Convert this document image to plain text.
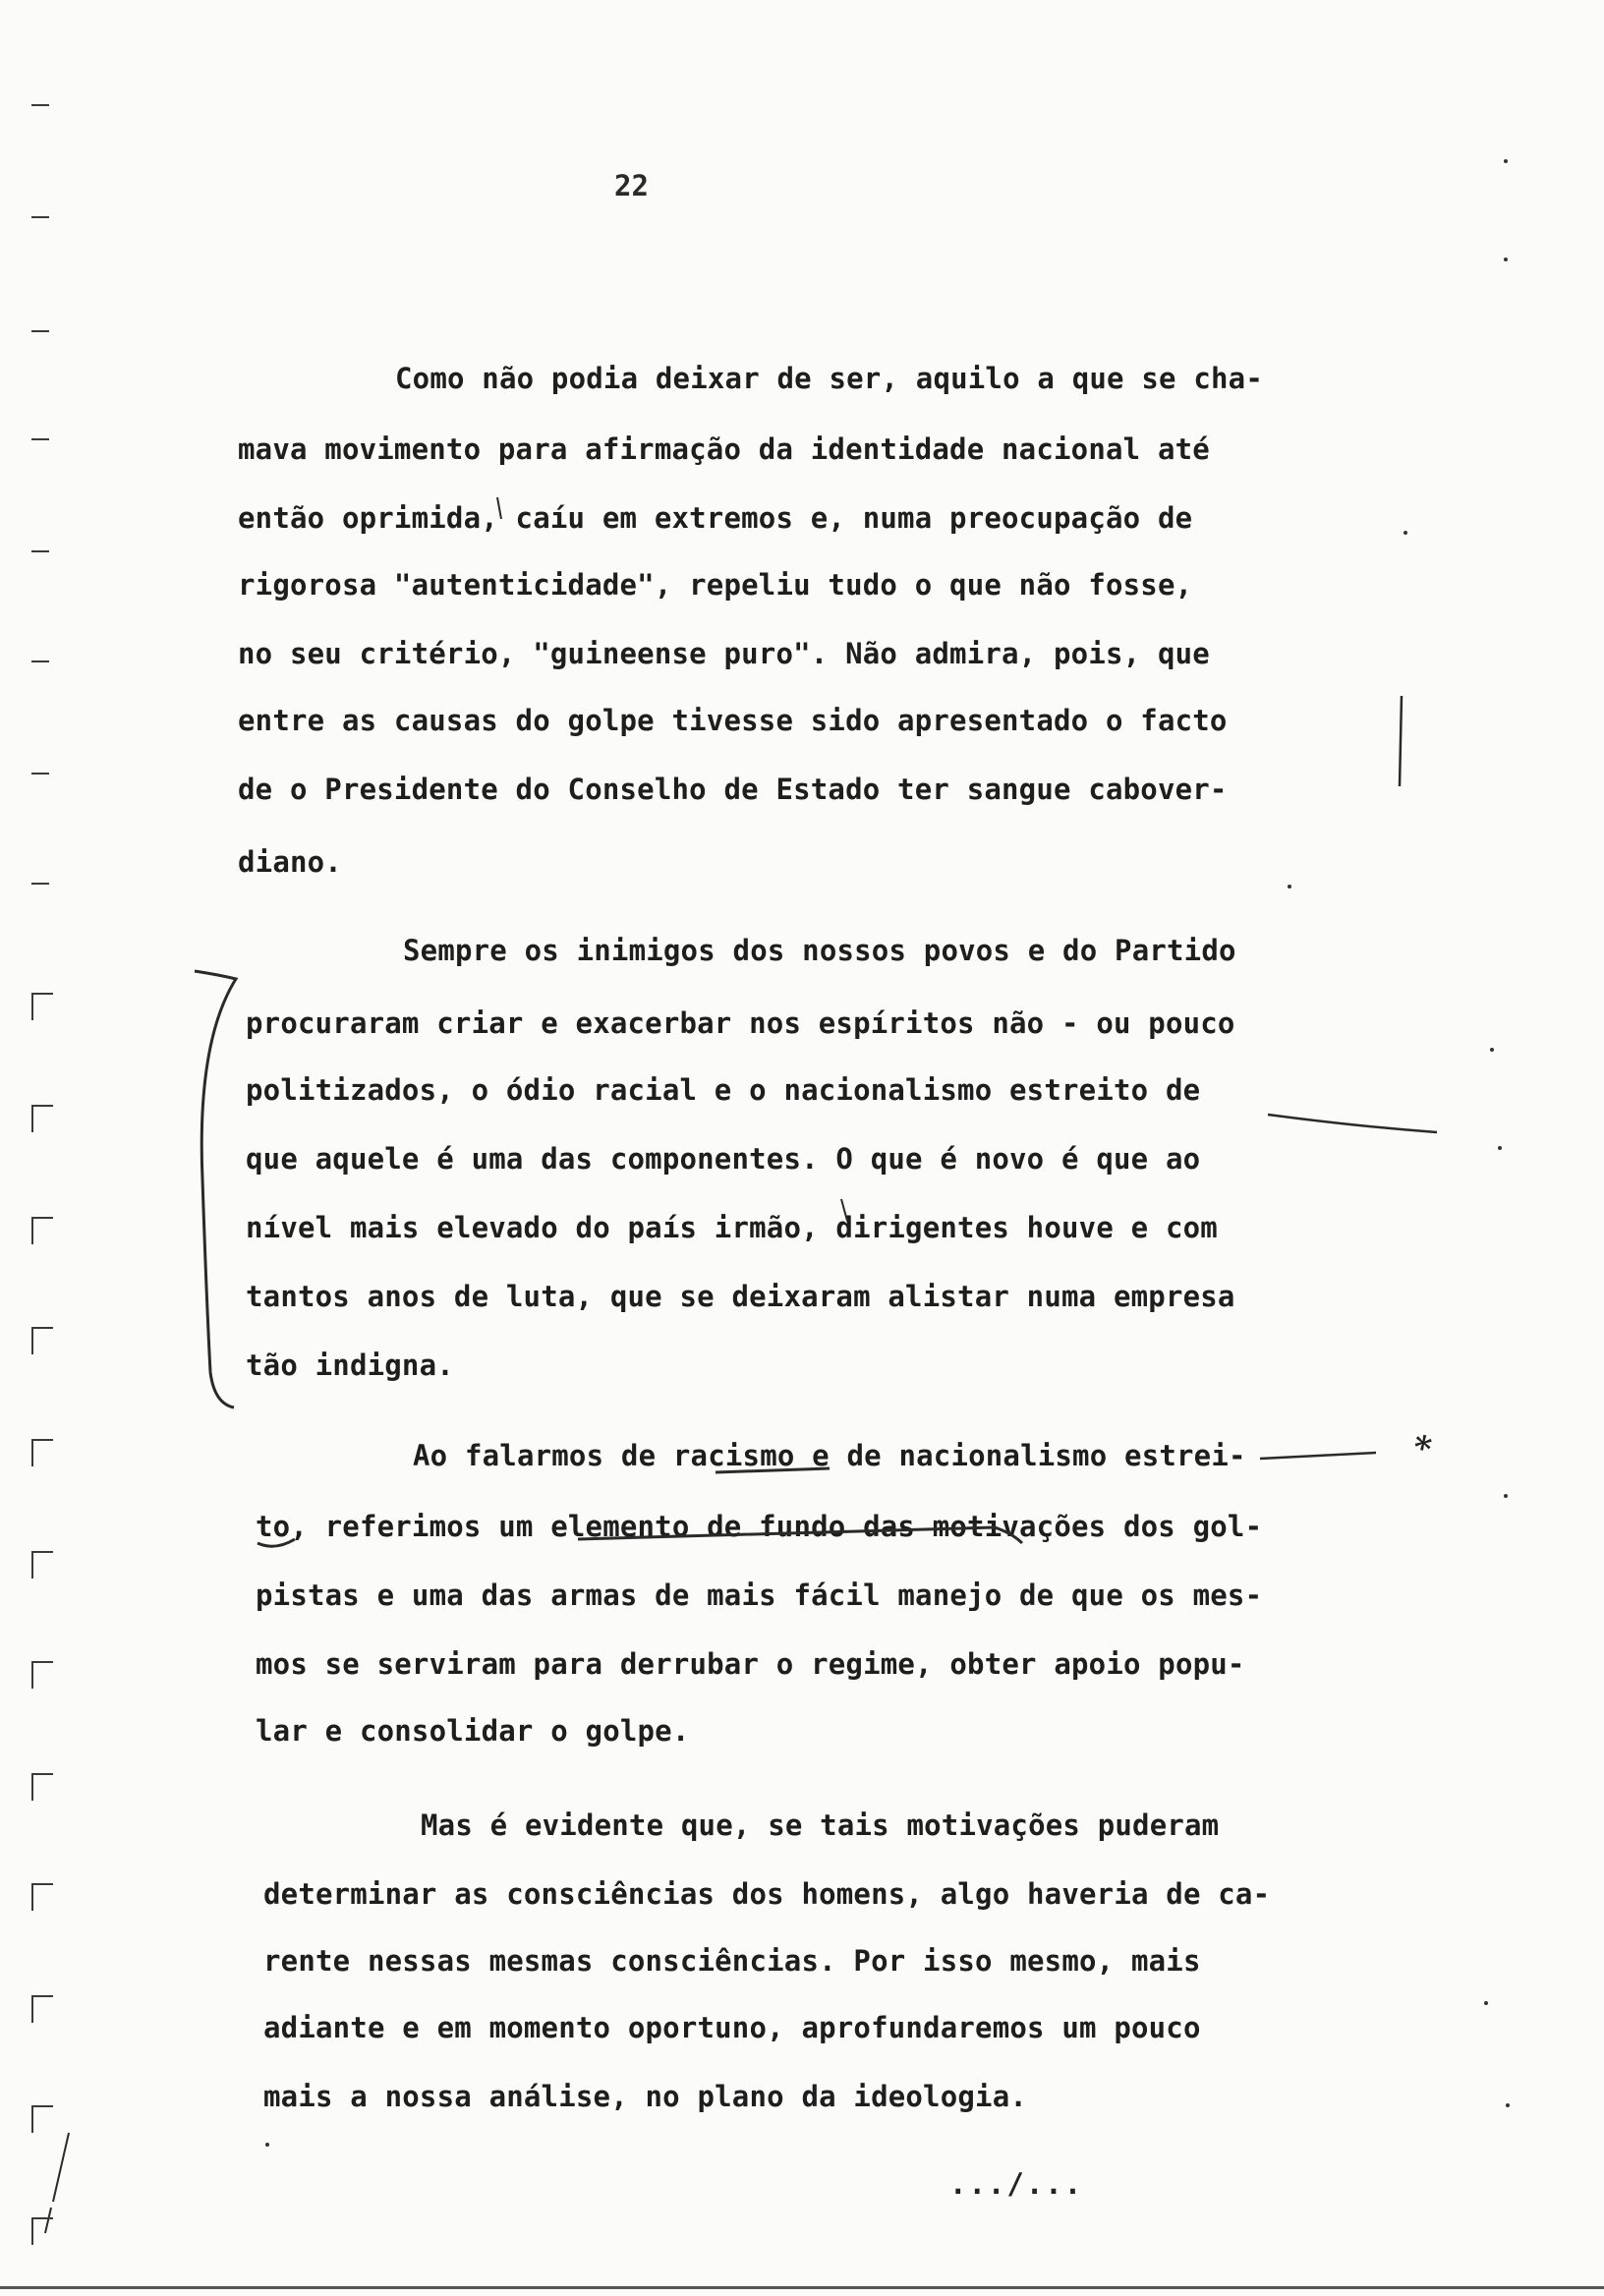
22
Como não podia deixar de ser, aquilo a que se cha-
mava movimento para afirmação da identidade nacional até
então oprimida, caíu em extremos e, numa preocupação de
rigorosa "autenticidade", repeliu tudo o que não fosse,
no seu critério, "guineense puro". Não admira, pois, que
entre as causas do golpe tivesse sido apresentado o facto
de o Presidente do Conselho de Estado ter sangue cabover-
diano.
Sempre os inimigos dos nossos povos e do Partido
procuraram criar e exacerbar nos espíritos não - ou pouco
politizados, o ódio racial e o nacionalismo estreito de
que aquele é uma das componentes. O que é novo é que ao
nível mais elevado do país irmão, dirigentes houve e com
tantos anos de luta, que se deixaram alistar numa empresa
tão indigna.
Ao falarmos de racismo e de nacionalismo estrei-
to, referimos um elemento de fundo das motivações dos gol-
pistas e uma das armas de mais fácil manejo de que os mes-
mos se serviram para derrubar o regime, obter apoio popu-
lar e consolidar o golpe.
Mas é evidente que, se tais motivações puderam
determinar as consciências dos homens, algo haveria de ca-
rente nessas mesmas consciências. Por isso mesmo, mais
adiante e em momento oportuno, aprofundaremos um pouco
mais a nossa análise, no plano da ideologia.
.../...
*
